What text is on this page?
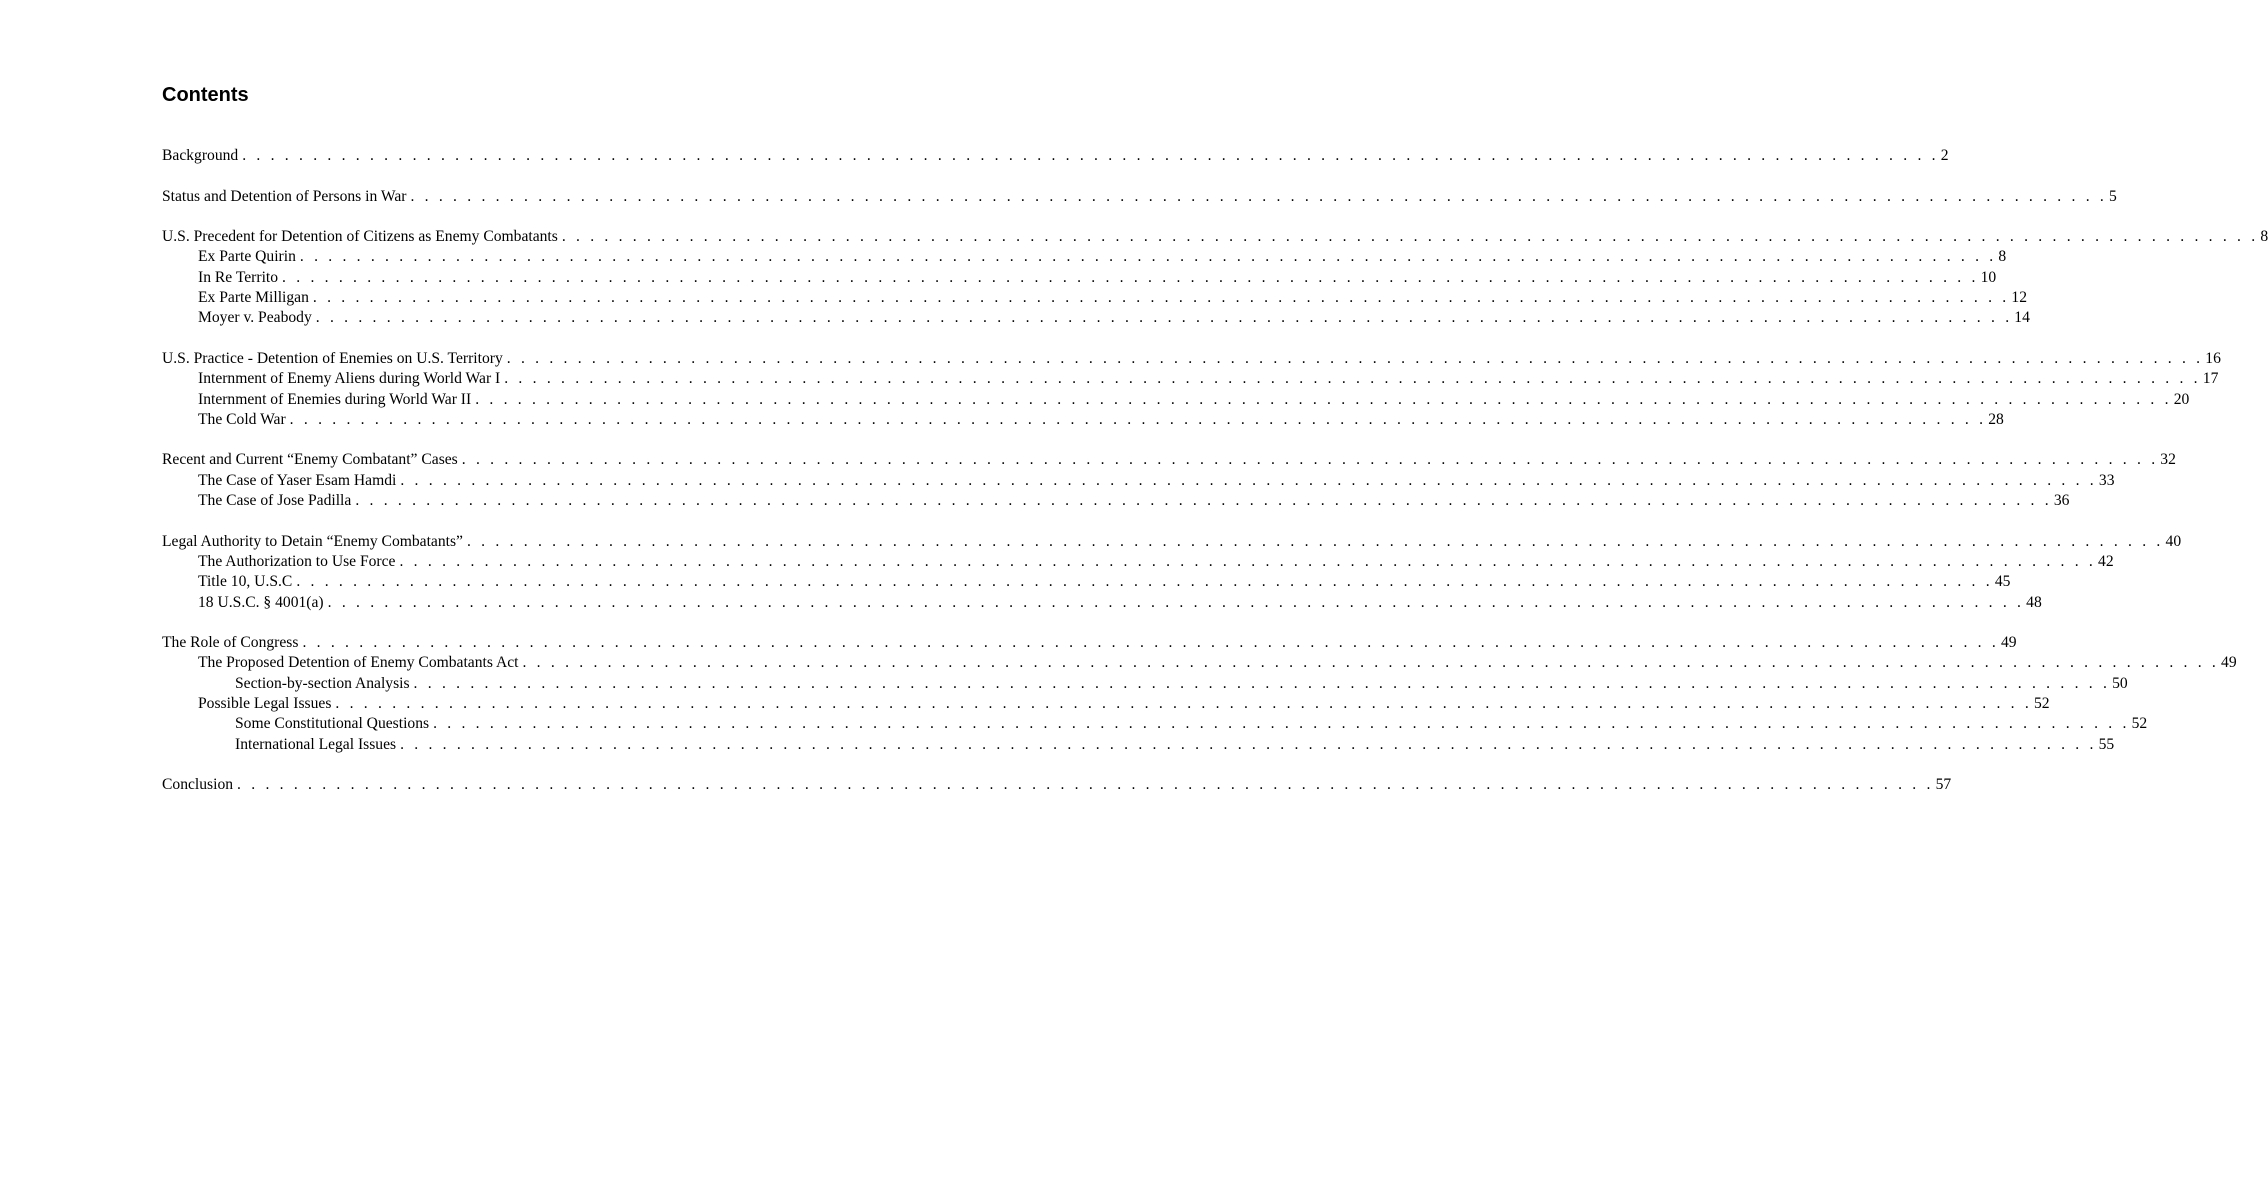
Contents
Background . . . . . . . . . . . . . . . . . . . . . . . . . . . . . . . . . . . . . . . . . . . . . . . . . . . . . . . . . . . . . . . . . . . . . . . . . . . . . . . . . . . . . . . . . . . . . . . . . . . . . . . . . . . . . . . . . . . . . . . . 2
Status and Detention of Persons in War . . . . . . . . . . . . . . . . . . . . . . . . . . . . . . . . . . . . . . . . . . . . . . . . . . . . . . . . . . . . . . . . . . . . . . . . . . . . . . . . . . . . . . . . . . . . . . . . . . . . . . . . . . . . . . . . . . . . . . . . 5
U.S. Precedent for Detention of Citizens as Enemy Combatants . . . . . . . . . . . . . . . . . . . . . . . . . . . . . . . . . . . . . . . . . . . . . . . . . . . . . . . . . . . . . . . . . . . . . . . . . . . . . . . . . . . . . . . . . . . . . . . . . . . . . . . . . . . . . . . . . . . . . . . . 8
Ex Parte Quirin . . . . . . . . . . . . . . . . . . . . . . . . . . . . . . . . . . . . . . . . . . . . . . . . . . . . . . . . . . . . . . . . . . . . . . . . . . . . . . . . . . . . . . . . . . . . . . . . . . . . . . . . . . . . . . . . . . . . . . . . 8
In Re Territo . . . . . . . . . . . . . . . . . . . . . . . . . . . . . . . . . . . . . . . . . . . . . . . . . . . . . . . . . . . . . . . . . . . . . . . . . . . . . . . . . . . . . . . . . . . . . . . . . . . . . . . . . . . . . . . . . . . . . . . . 10
Ex Parte Milligan . . . . . . . . . . . . . . . . . . . . . . . . . . . . . . . . . . . . . . . . . . . . . . . . . . . . . . . . . . . . . . . . . . . . . . . . . . . . . . . . . . . . . . . . . . . . . . . . . . . . . . . . . . . . . . . . . . . . . . . . 12
Moyer v. Peabody . . . . . . . . . . . . . . . . . . . . . . . . . . . . . . . . . . . . . . . . . . . . . . . . . . . . . . . . . . . . . . . . . . . . . . . . . . . . . . . . . . . . . . . . . . . . . . . . . . . . . . . . . . . . . . . . . . . . . . . . 14
U.S. Practice - Detention of Enemies on U.S. Territory . . . . . . . . . . . . . . . . . . . . . . . . . . . . . . . . . . . . . . . . . . . . . . . . . . . . . . . . . . . . . . . . . . . . . . . . . . . . . . . . . . . . . . . . . . . . . . . . . . . . . . . . . . . . . . . . . . . . . . . . 16
Internment of Enemy Aliens during World War I . . . . . . . . . . . . . . . . . . . . . . . . . . . . . . . . . . . . . . . . . . . . . . . . . . . . . . . . . . . . . . . . . . . . . . . . . . . . . . . . . . . . . . . . . . . . . . . . . . . . . . . . . . . . . . . . . . . . . . . . 17
Internment of Enemies during World War II . . . . . . . . . . . . . . . . . . . . . . . . . . . . . . . . . . . . . . . . . . . . . . . . . . . . . . . . . . . . . . . . . . . . . . . . . . . . . . . . . . . . . . . . . . . . . . . . . . . . . . . . . . . . . . . . . . . . . . . . 20
The Cold War . . . . . . . . . . . . . . . . . . . . . . . . . . . . . . . . . . . . . . . . . . . . . . . . . . . . . . . . . . . . . . . . . . . . . . . . . . . . . . . . . . . . . . . . . . . . . . . . . . . . . . . . . . . . . . . . . . . . . . . . 28
Recent and Current “Enemy Combatant” Cases . . . . . . . . . . . . . . . . . . . . . . . . . . . . . . . . . . . . . . . . . . . . . . . . . . . . . . . . . . . . . . . . . . . . . . . . . . . . . . . . . . . . . . . . . . . . . . . . . . . . . . . . . . . . . . . . . . . . . . . . 32
The Case of Yaser Esam Hamdi . . . . . . . . . . . . . . . . . . . . . . . . . . . . . . . . . . . . . . . . . . . . . . . . . . . . . . . . . . . . . . . . . . . . . . . . . . . . . . . . . . . . . . . . . . . . . . . . . . . . . . . . . . . . . . . . . . . . . . . . 33
The Case of Jose Padilla . . . . . . . . . . . . . . . . . . . . . . . . . . . . . . . . . . . . . . . . . . . . . . . . . . . . . . . . . . . . . . . . . . . . . . . . . . . . . . . . . . . . . . . . . . . . . . . . . . . . . . . . . . . . . . . . . . . . . . . . 36
Legal Authority to Detain “Enemy Combatants” . . . . . . . . . . . . . . . . . . . . . . . . . . . . . . . . . . . . . . . . . . . . . . . . . . . . . . . . . . . . . . . . . . . . . . . . . . . . . . . . . . . . . . . . . . . . . . . . . . . . . . . . . . . . . . . . . . . . . . . . 40
The Authorization to Use Force . . . . . . . . . . . . . . . . . . . . . . . . . . . . . . . . . . . . . . . . . . . . . . . . . . . . . . . . . . . . . . . . . . . . . . . . . . . . . . . . . . . . . . . . . . . . . . . . . . . . . . . . . . . . . . . . . . . . . . . . 42
Title 10, U.S.C . . . . . . . . . . . . . . . . . . . . . . . . . . . . . . . . . . . . . . . . . . . . . . . . . . . . . . . . . . . . . . . . . . . . . . . . . . . . . . . . . . . . . . . . . . . . . . . . . . . . . . . . . . . . . . . . . . . . . . . . 45
18 U.S.C. § 4001(a) . . . . . . . . . . . . . . . . . . . . . . . . . . . . . . . . . . . . . . . . . . . . . . . . . . . . . . . . . . . . . . . . . . . . . . . . . . . . . . . . . . . . . . . . . . . . . . . . . . . . . . . . . . . . . . . . . . . . . . . . 48
The Role of Congress . . . . . . . . . . . . . . . . . . . . . . . . . . . . . . . . . . . . . . . . . . . . . . . . . . . . . . . . . . . . . . . . . . . . . . . . . . . . . . . . . . . . . . . . . . . . . . . . . . . . . . . . . . . . . . . . . . . . . . . . 49
The Proposed Detention of Enemy Combatants Act . . . . . . . . . . . . . . . . . . . . . . . . . . . . . . . . . . . . . . . . . . . . . . . . . . . . . . . . . . . . . . . . . . . . . . . . . . . . . . . . . . . . . . . . . . . . . . . . . . . . . . . . . . . . . . . . . . . . . . . . 49
Section-by-section Analysis . . . . . . . . . . . . . . . . . . . . . . . . . . . . . . . . . . . . . . . . . . . . . . . . . . . . . . . . . . . . . . . . . . . . . . . . . . . . . . . . . . . . . . . . . . . . . . . . . . . . . . . . . . . . . . . . . . . . . . . . 50
Possible Legal Issues . . . . . . . . . . . . . . . . . . . . . . . . . . . . . . . . . . . . . . . . . . . . . . . . . . . . . . . . . . . . . . . . . . . . . . . . . . . . . . . . . . . . . . . . . . . . . . . . . . . . . . . . . . . . . . . . . . . . . . . . 52
Some Constitutional Questions . . . . . . . . . . . . . . . . . . . . . . . . . . . . . . . . . . . . . . . . . . . . . . . . . . . . . . . . . . . . . . . . . . . . . . . . . . . . . . . . . . . . . . . . . . . . . . . . . . . . . . . . . . . . . . . . . . . . . . . . 52
International Legal Issues . . . . . . . . . . . . . . . . . . . . . . . . . . . . . . . . . . . . . . . . . . . . . . . . . . . . . . . . . . . . . . . . . . . . . . . . . . . . . . . . . . . . . . . . . . . . . . . . . . . . . . . . . . . . . . . . . . . . . . . . 55
Conclusion . . . . . . . . . . . . . . . . . . . . . . . . . . . . . . . . . . . . . . . . . . . . . . . . . . . . . . . . . . . . . . . . . . . . . . . . . . . . . . . . . . . . . . . . . . . . . . . . . . . . . . . . . . . . . . . . . . . . . . . . 57
